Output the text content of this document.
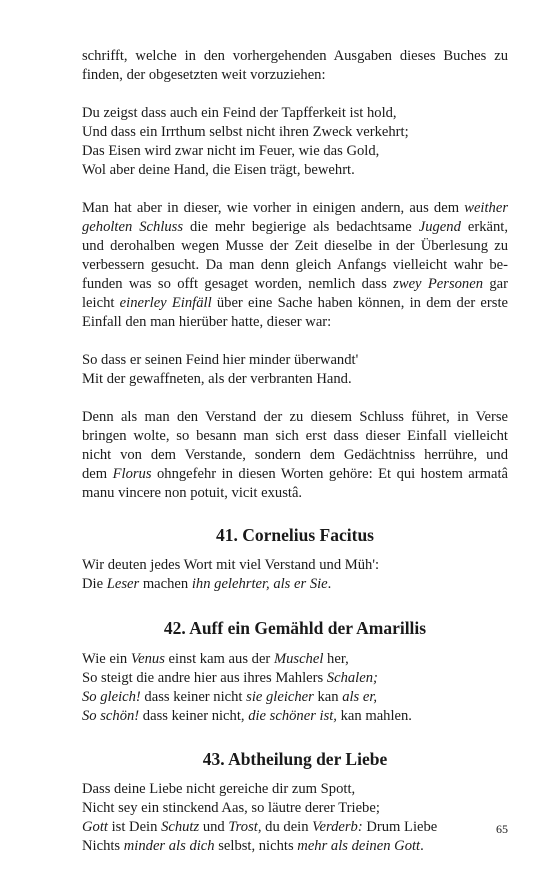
schrifft, welche in den vorhergehenden Ausgaben dieses Buches zu
finden, der obgesetzten weit vorzuziehen:
Du zeigst dass auch ein Feind der Tapfferkeit ist hold,
Und dass ein Irrthum selbst nicht ihren Zweck verkehrt;
Das Eisen wird zwar nicht im Feuer, wie das Gold,
Wol aber deine Hand, die Eisen trägt, bewehrt.
Man hat aber in dieser, wie vorher in einigen andern, aus dem weither
geholten Schluss die mehr begierige als bedachtsame Jugend erkänt,
und derohalben wegen Musse der Zeit dieselbe in der Überlesung zu
verbessern gesucht. Da man denn gleich Anfangs vielleicht wahr be-
funden was so offt gesaget worden, nemlich dass zwey Personen gar
leicht einerley Einfäll über eine Sache haben können, in dem der erste
Einfall den man hierüber hatte, dieser war:
So dass er seinen Feind hier minder überwandt'
Mit der gewaffneten, als der verbranten Hand.
Denn als man den Verstand der zu diesem Schluss führet, in Verse
bringen wolte, so besann man sich erst dass dieser Einfall vielleicht
nicht von dem Verstande, sondern dem Gedächtniss herrühre, und
dem Florus ohngefehr in diesen Worten gehöre: Et qui hostem armatâ
manu vincere non potuit, vicit exustâ.
41. Cornelius Facitus
Wir deuten jedes Wort mit viel Verstand und Müh':
Die Leser machen ihn gelehrter, als er Sie.
42. Auff ein Gemähld der Amarillis
Wie ein Venus einst kam aus der Muschel her,
So steigt die andre hier aus ihres Mahlers Schalen;
So gleich! dass keiner nicht sie gleicher kan als er,
So schön! dass keiner nicht, die schöner ist, kan mahlen.
43. Abtheilung der Liebe
Dass deine Liebe nicht gereiche dir zum Spott,
Nicht sey ein stinckend Aas, so läutre derer Triebe;
Gott ist Dein Schutz und Trost, du dein Verderb: Drum Liebe
Nichts minder als dich selbst, nichts mehr als deinen Gott.
65
